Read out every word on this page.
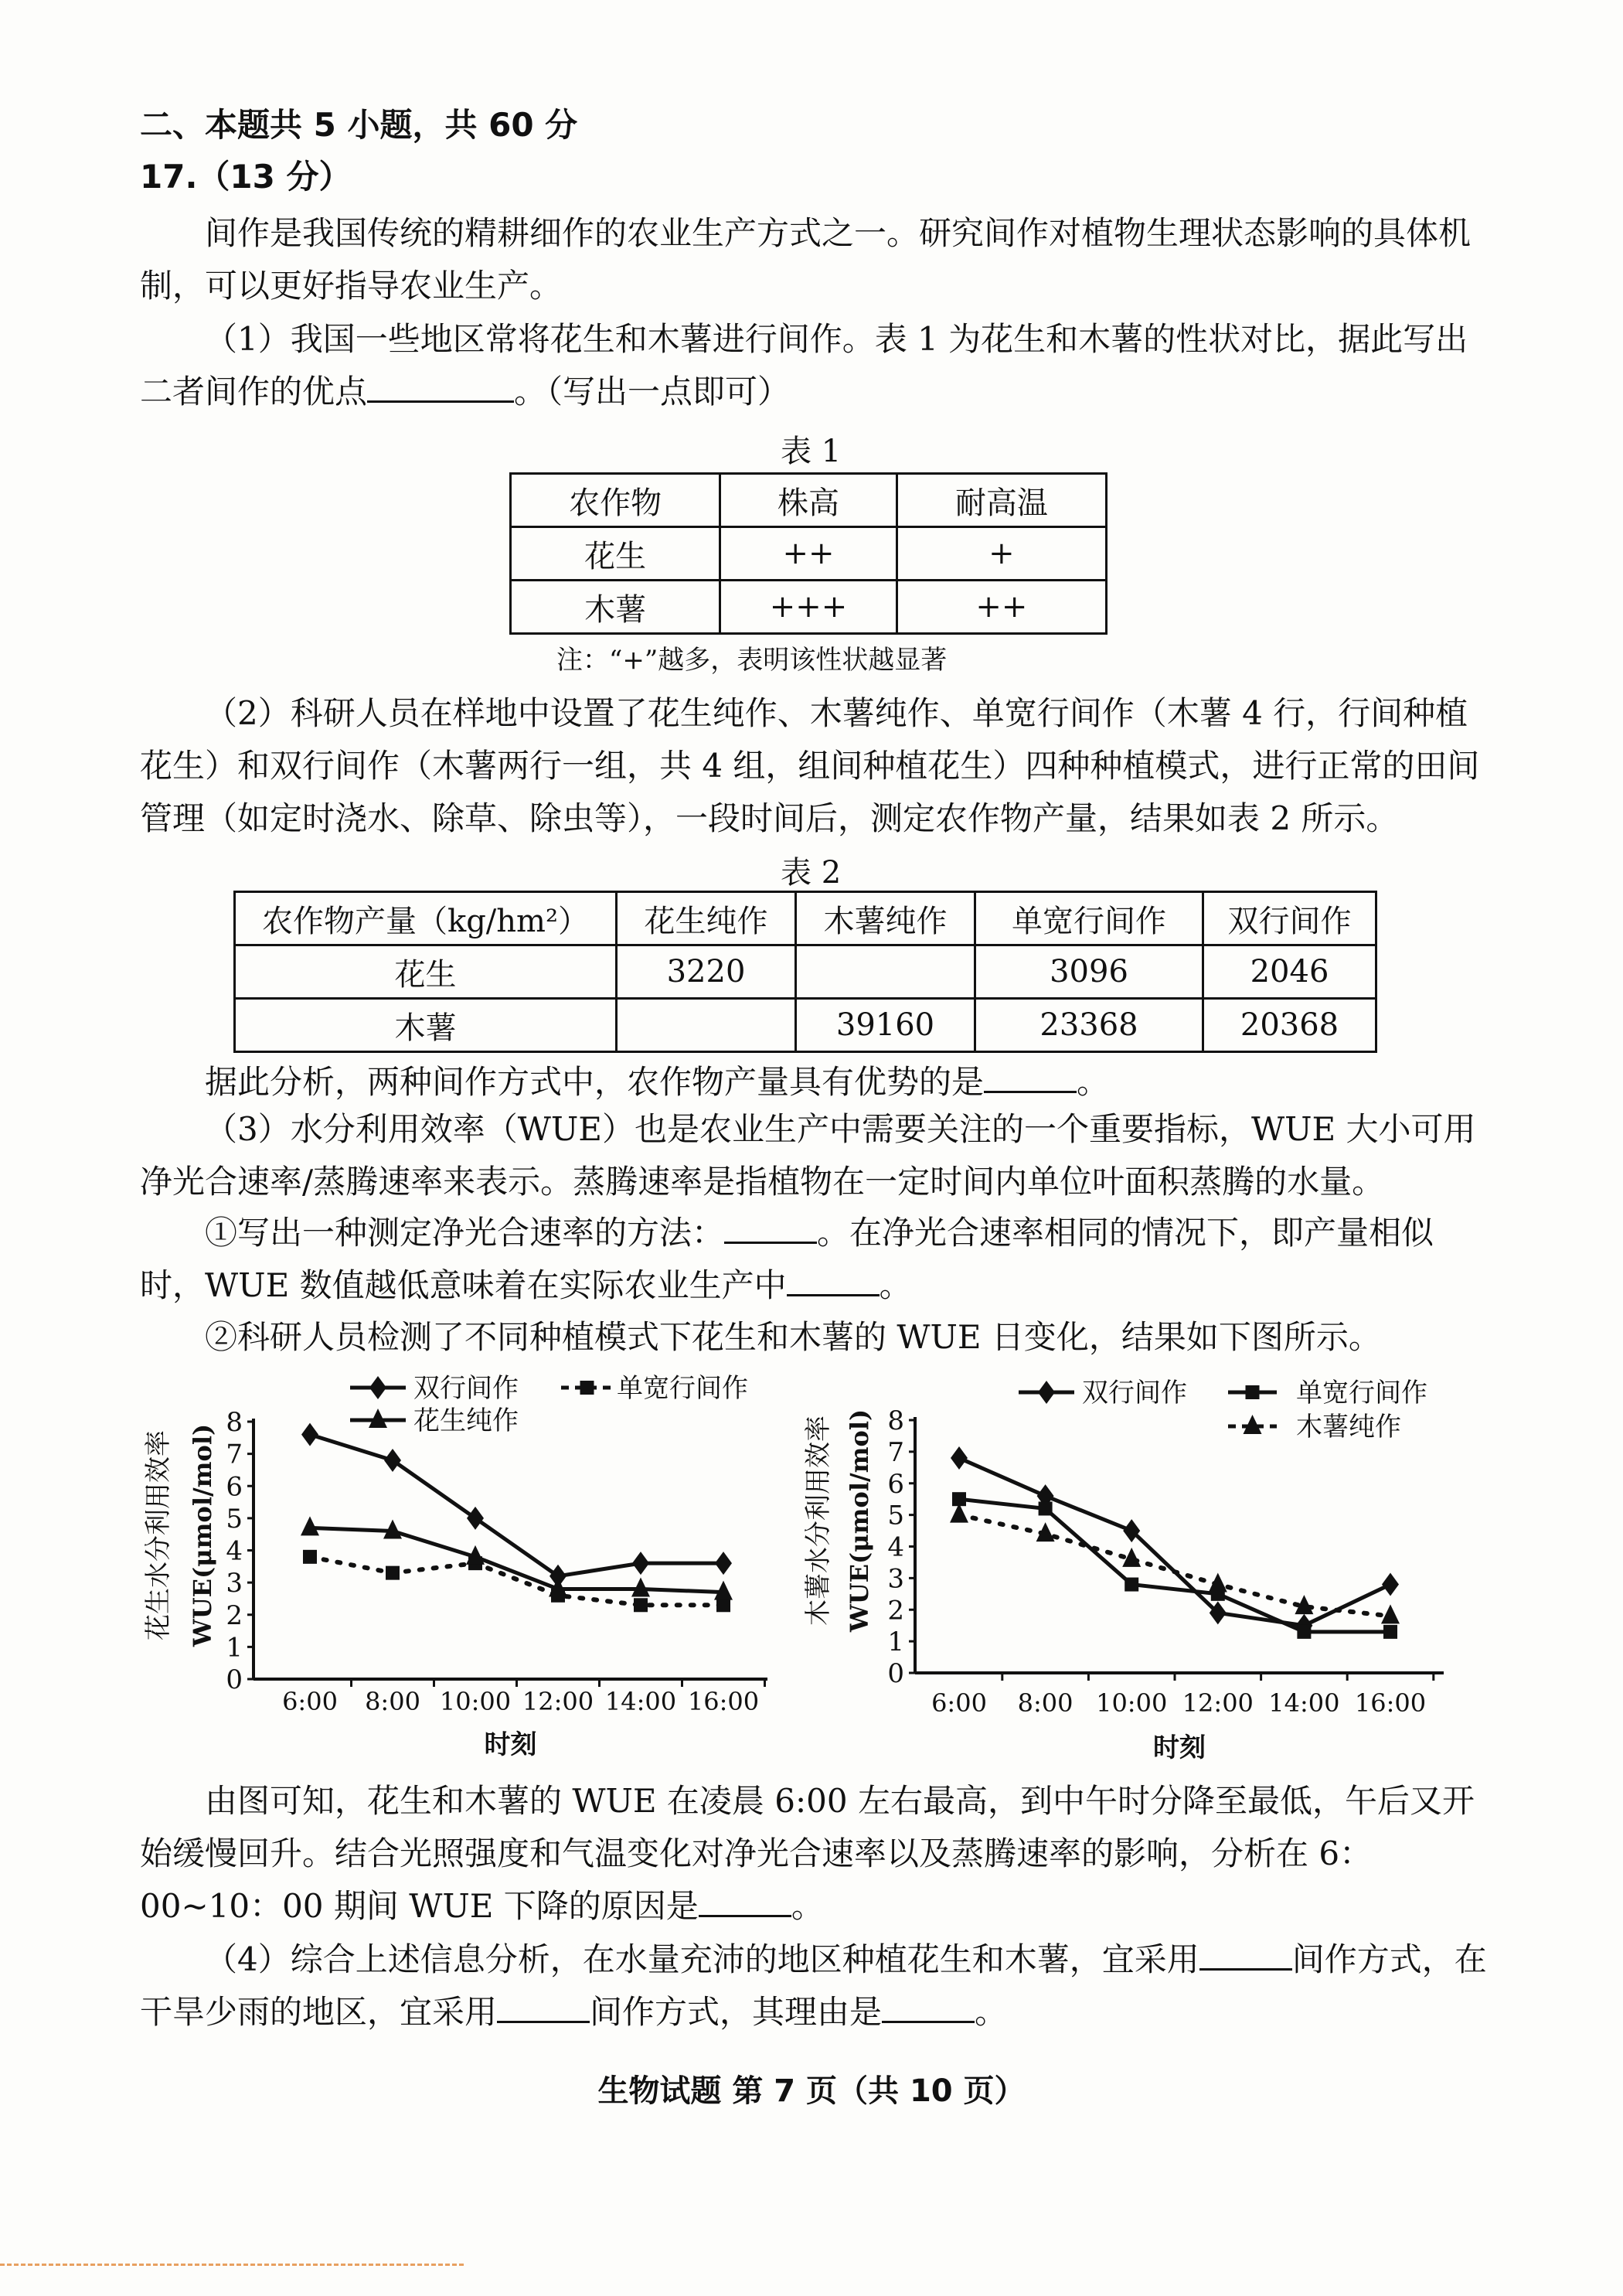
二、本题共 5 小题，共 60 分
17.（13 分）
间作是我国传统的精耕细作的农业生产方式之一。研究间作对植物生理状态影响的具体机制，可以更好指导农业生产。
（1）我国一些地区常将花生和木薯进行间作。表 1 为花生和木薯的性状对比，据此写出二者间作的优点	。（写出一点即可）
表 1
农作物	株高	耐高温
花生	++	+
木薯	+++	++
注：“+”越多，表明该性状越显著
（2）科研人员在样地中设置了花生纯作、木薯纯作、单宽行间作（木薯 4 行，行间种植花生）和双行间作（木薯两行一组，共 4 组，组间种植花生）四种种植模式，进行正常的田间管理（如定时浇水、除草、除虫等），一段时间后，测定农作物产量，结果如表 2 所示。
表 2
农作物产量（kg/hm²）	花生纯作	木薯纯作	单宽行间作	双行间作
花生	3220		3096	2046
木薯		39160	23368	20368
据此分析，两种间作方式中，农作物产量具有优势的是	。
（3）水分利用效率（WUE）也是农业生产中需要关注的一个重要指标，WUE 大小可用净光合速率/蒸腾速率来表示。蒸腾速率是指植物在一定时间内单位叶面积蒸腾的水量。
①写出一种测定净光合速率的方法：	。在净光合速率相同的情况下，即产量相似时，WUE 数值越低意味着在实际农业生产中	。
②科研人员检测了不同种植模式下花生和木薯的 WUE 日变化，结果如下图所示。
0
1
2
3
4
5
6
7
8
6:00 8:00 10:00 12:00 14:00 16:00
时刻
花生水分利用效率 WUE(μmol/mol)
双行间作	单宽行间作
花生纯作
0
1
2
3
4
5
6
7
8
6:00 8:00 10:00 12:00 14:00 16:00
时刻
木薯水分利用效率 WUE(μmol/mol)
双行间作	单宽行间作
木薯纯作
由图可知，花生和木薯的 WUE 在凌晨 6:00 左右最高，到中午时分降至最低，午后又开始缓慢回升。结合光照强度和气温变化对净光合速率以及蒸腾速率的影响，分析在 6：00~10：00 期间 WUE 下降的原因是	。
（4）综合上述信息分析，在水量充沛的地区种植花生和木薯，宜采用	间作方式，在干旱少雨的地区，宜采用	间作方式，其理由是	。
生物试题 第 7 页（共 10 页）
